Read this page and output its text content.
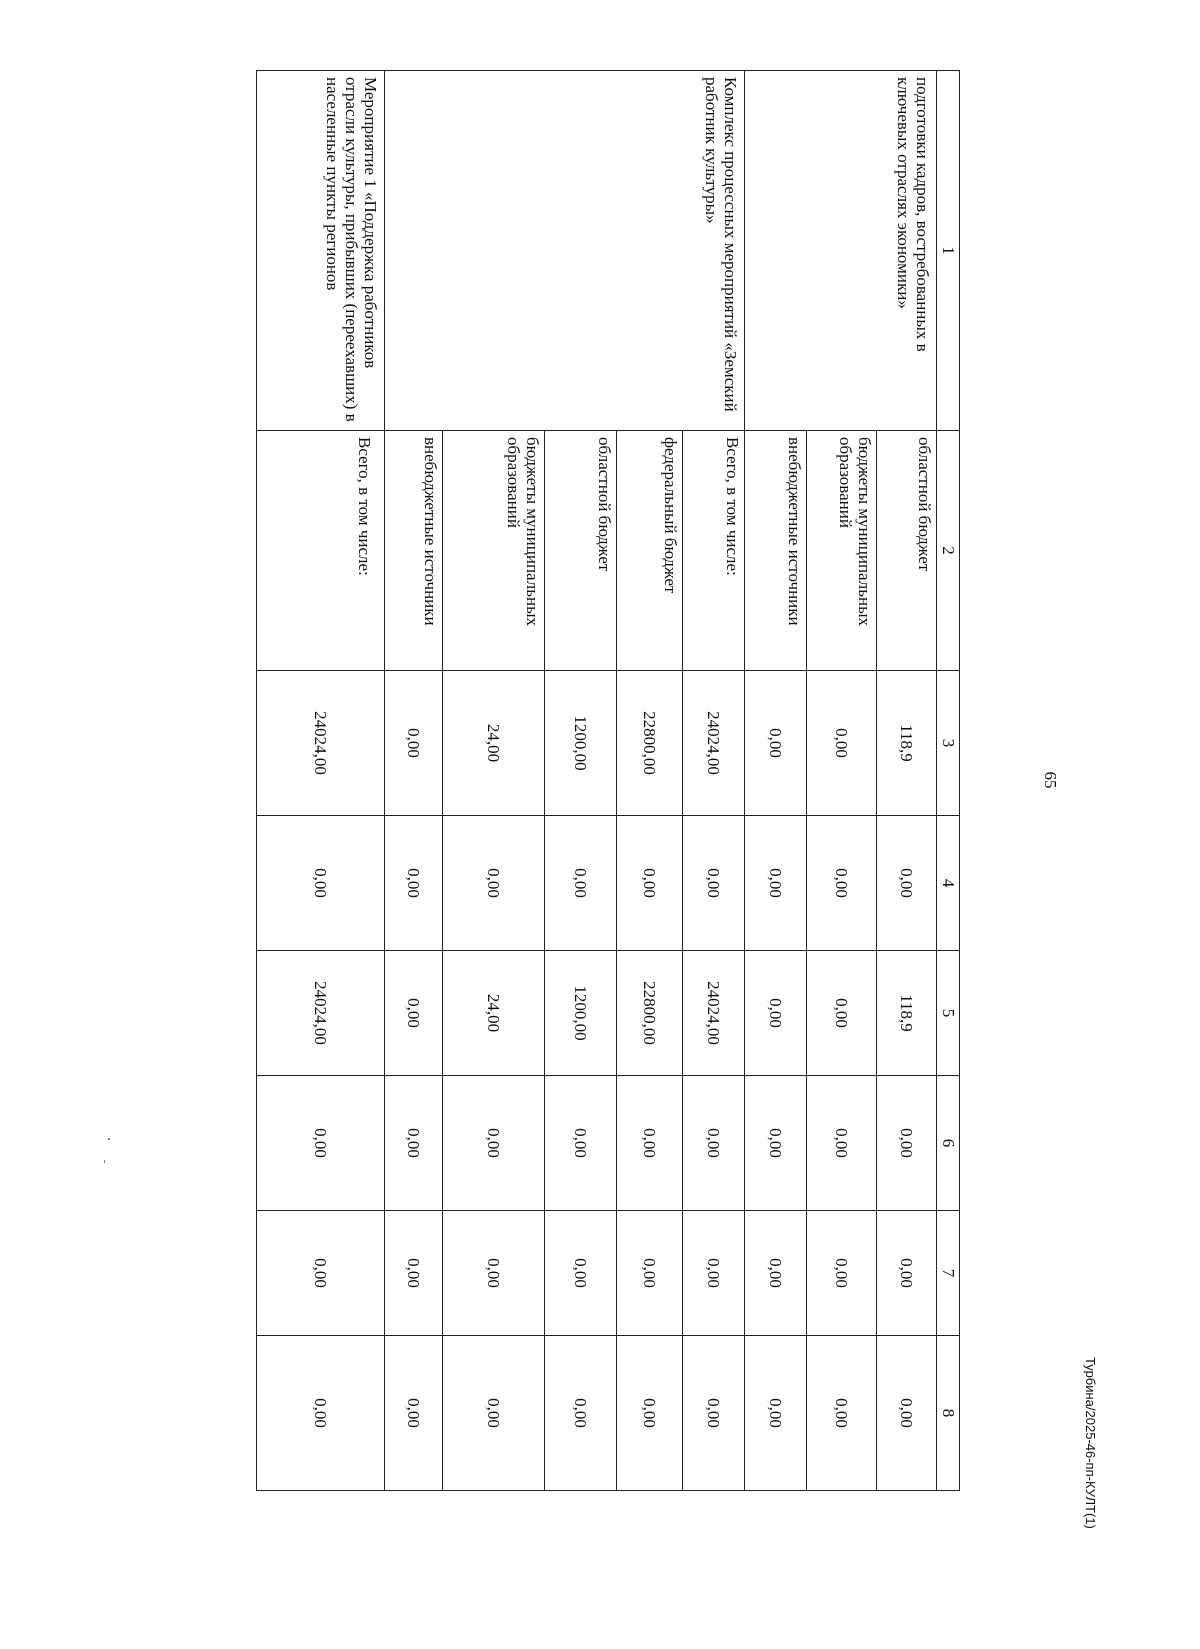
65
1	2	3	4	5	6	7	8
подготовки кадров, востребованных в ключевых отраслях экономики»	областной бюджет	118,9	0,00	118,9	0,00	0,00	0,00
	бюджеты муниципальных образований	0,00	0,00	0,00	0,00	0,00	0,00
	внебюджетные источники	0,00	0,00	0,00	0,00	0,00	0,00
Комплекс процессных мероприятий «Земский работник культуры»	Всего, в том числе:	24024,00	0,00	24024,00	0,00	0,00	0,00
	федеральный бюджет	22800,00	0,00	22800,00	0,00	0,00	0,00
	областной бюджет	1200,00	0,00	1200,00	0,00	0,00	0,00
	бюджеты муниципальных образований	24,00	0,00	24,00	0,00	0,00	0,00
	внебюджетные источники	0,00	0,00	0,00	0,00	0,00	0,00
Мероприятие 1 «Поддержка работников отрасли культуры, прибывших (переехавших) в населенные пункты регионов	Всего, в том числе:	24024,00	0,00	24024,00	0,00	0,00	0,00	Турбина/2025-46-пп-КУЛТ(1)
